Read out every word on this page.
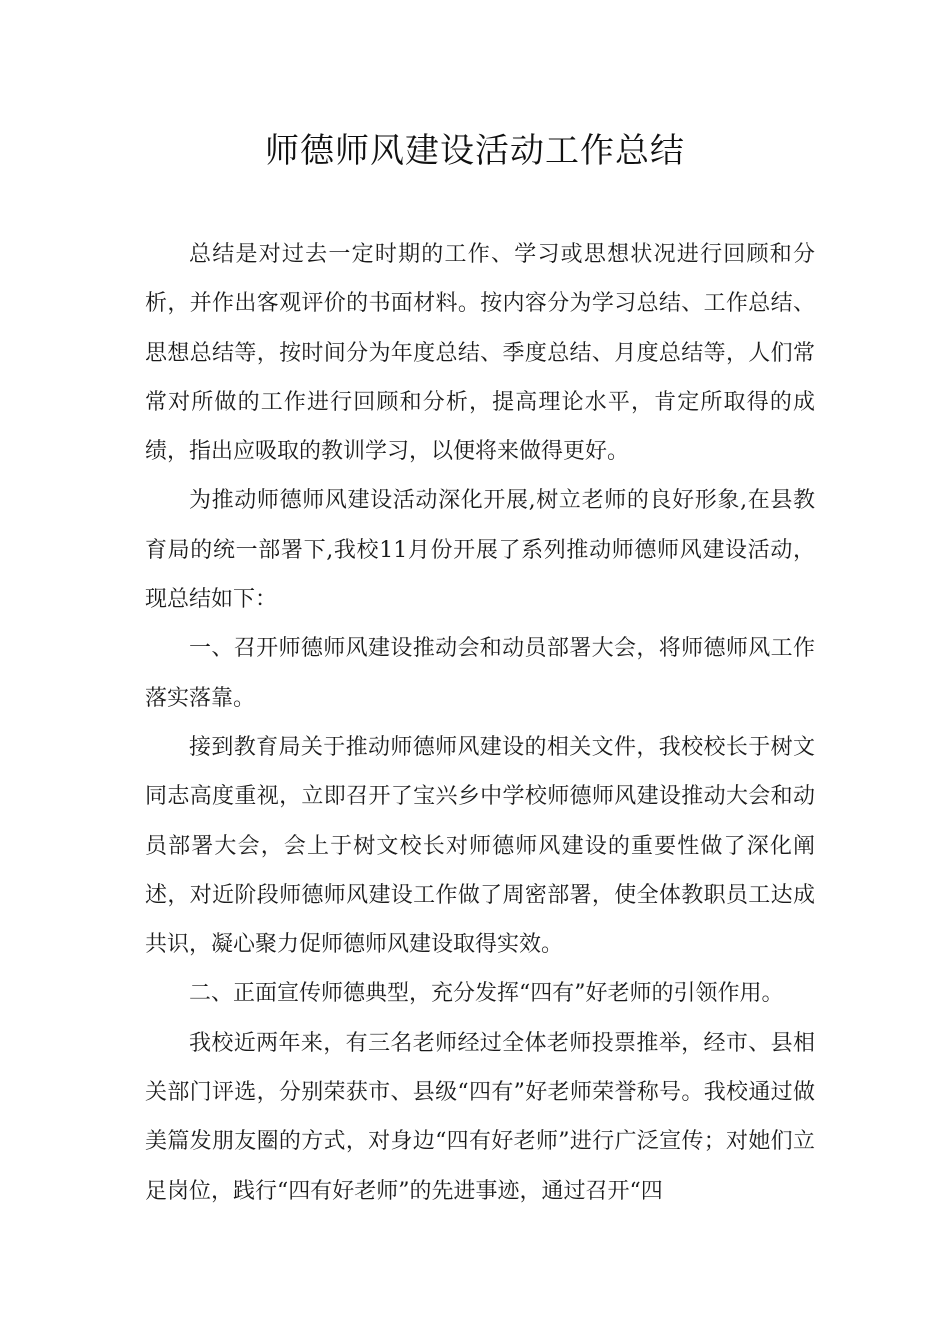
师德师风建设活动工作总结

总结是对过去一定时期的工作、学习或思想状况进行回顾和分析，并作出客观评价的书面材料。按内容分为学习总结、工作总结、思想总结等，按时间分为年度总结、季度总结、月度总结等，人们常常对所做的工作进行回顾和分析，提高理论水平，肯定所取得的成绩，指出应吸取的教训学习，以便将来做得更好。

为推动师德师风建设活动深化开展,树立老师的良好形象,在县教育局的统一部署下,我校11月份开展了系列推动师德师风建设活动，现总结如下：

一、召开师德师风建设推动会和动员部署大会，将师德师风工作落实落靠。

接到教育局关于推动师德师风建设的相关文件，我校校长于树文同志高度重视，立即召开了宝兴乡中学校师德师风建设推动大会和动员部署大会，会上于树文校长对师德师风建设的重要性做了深化阐述，对近阶段师德师风建设工作做了周密部署，使全体教职员工达成共识，凝心聚力促师德师风建设取得实效。

二、正面宣传师德典型，充分发挥“四有”好老师的引领作用。

我校近两年来，有三名老师经过全体老师投票推举，经市、县相关部门评选，分别荣获市、县级“四有”好老师荣誉称号。我校通过做美篇发朋友圈的方式，对身边“四有好老师”进行广泛宣传；对她们立足岗位，践行“四有好老师”的先进事迹，通过召开“四
